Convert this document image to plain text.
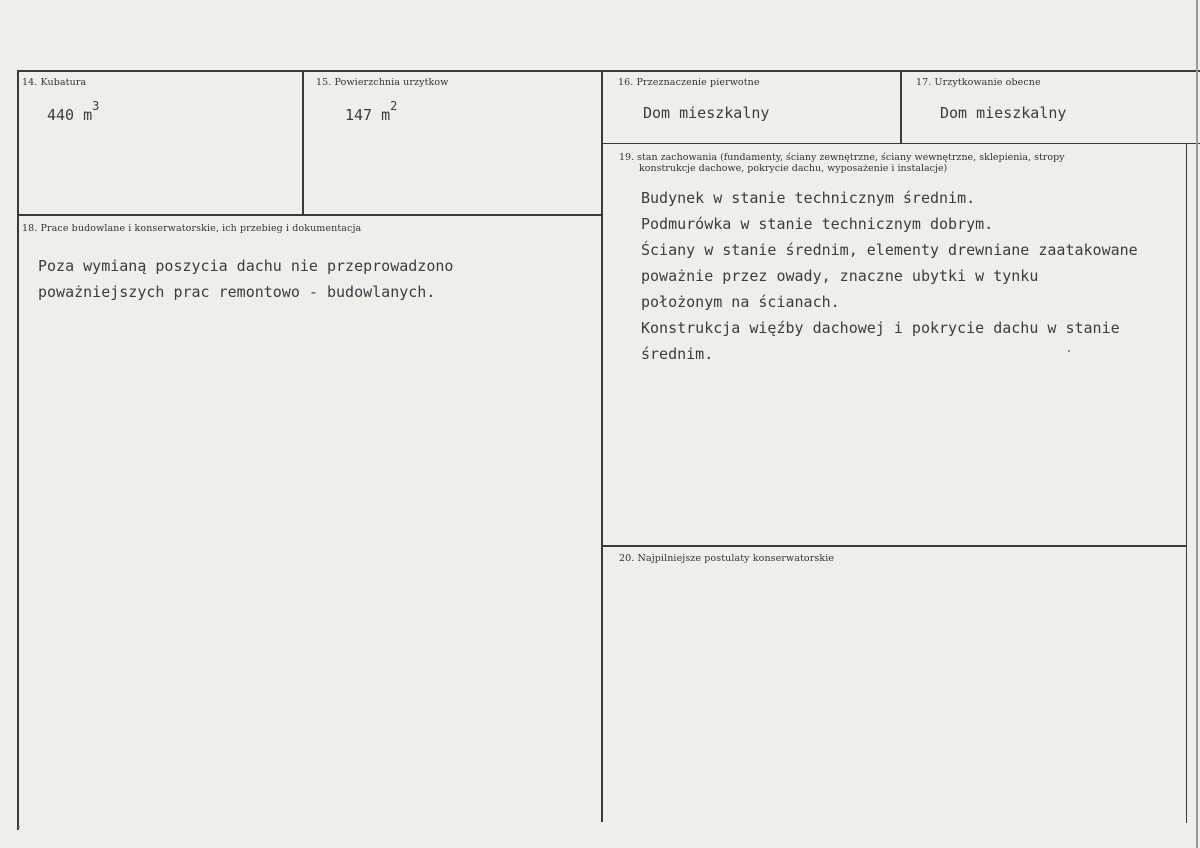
14. Kubatura
440 $m^3$
15. Powierzchnia urzytkow
147 $m^2$
16. Przeznaczenie pierwotne
Dom mieszkalny
17. Urzytkowanie obecne
Dom mieszkalny
18. Prace budowlane i konserwatorskie, ich przebieg i dokumentacja
Poza wymianą poszycia dachu nie przeprowadzono
poważniejszych prac remontowo - budowlanych.
19. stan zachowania (fundamenty, ściany zewnętrzne, ściany wewnętrzne, sklepienia, stropy
konstrukcje dachowe, pokrycie dachu, wyposażenie i instalacje)
Budynek w stanie technicznym średnim.
Podmurówka w stanie technicznym dobrym.
Ściany w stanie średnim, elementy drewniane zaatakowane
poważnie przez owady, znaczne ubytki w tynku
położonym na ścianach.
Konstrukcja więźby dachowej i pokrycie dachu w stanie
średnim.
20. Najpilniejsze postulaty konserwatorskie
